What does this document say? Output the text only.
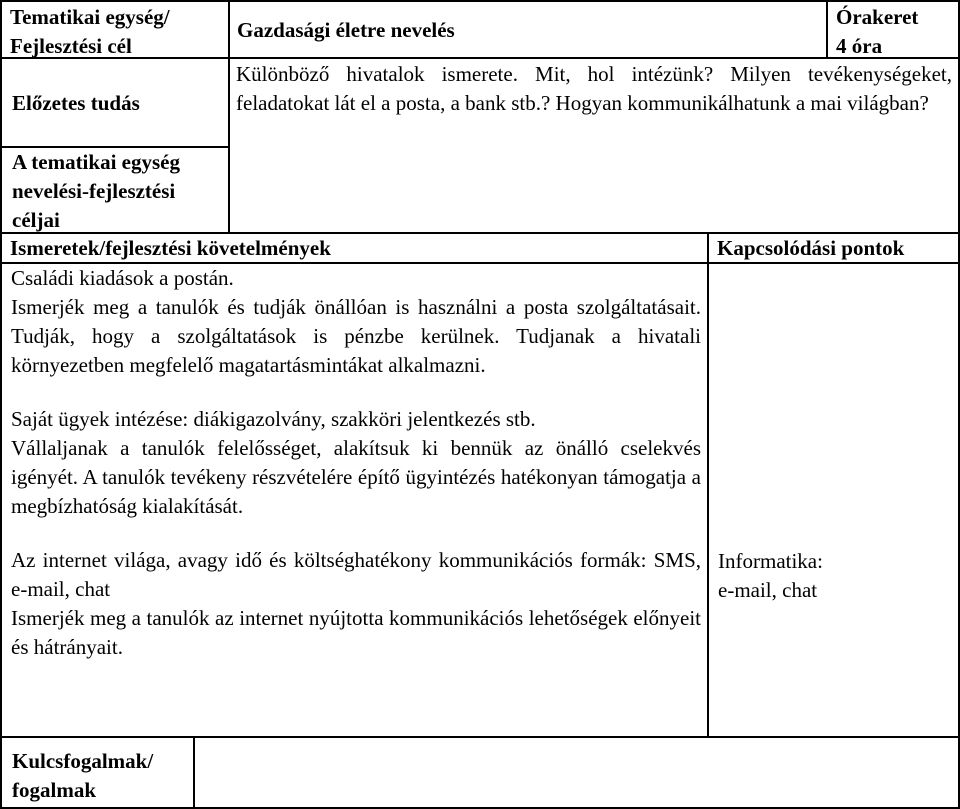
Tematikai egység/
Fejlesztési cél
Gazdasági életre nevelés
Órakeret
4 óra
Előzetes tudás
A tematikai egység
nevelési-fejlesztési
céljai
Különböző hivatalok ismerete. Mit, hol intézünk? Milyen tevékenységeket, feladatokat lát el a posta, a bank stb.? Hogyan kommunikálhatunk a mai világban?
Ismeretek/fejlesztési követelmények	Kapcsolódási pontok

Családi kiadások a postán.

Ismerjék meg a tanulók és tudják önállóan is használni a posta szolgáltatásait. Tudják, hogy a szolgáltatások is pénzbe kerülnek. Tudjanak a hivatali környezetben megfelelő magatartásmintákat alkalmazni.

Saját ügyek intézése: diákigazolvány, szakköri jelentkezés stb.

Vállaljanak a tanulók felelősséget, alakítsuk ki bennük az önálló cselekvés igényét. A tanulók tevékeny részvételére építő ügyintézés hatékonyan támogatja a megbízhatóság kialakítását.

Az internet világa, avagy idő és költséghatékony kommunikációs formák: SMS, e-mail, chat

Ismerjék meg a tanulók az internet nyújtotta kommunikációs lehetőségek előnyeit és hátrányait.

Informatika:
e-mail, chat
Kulcsfogalmak/
fogalmak
